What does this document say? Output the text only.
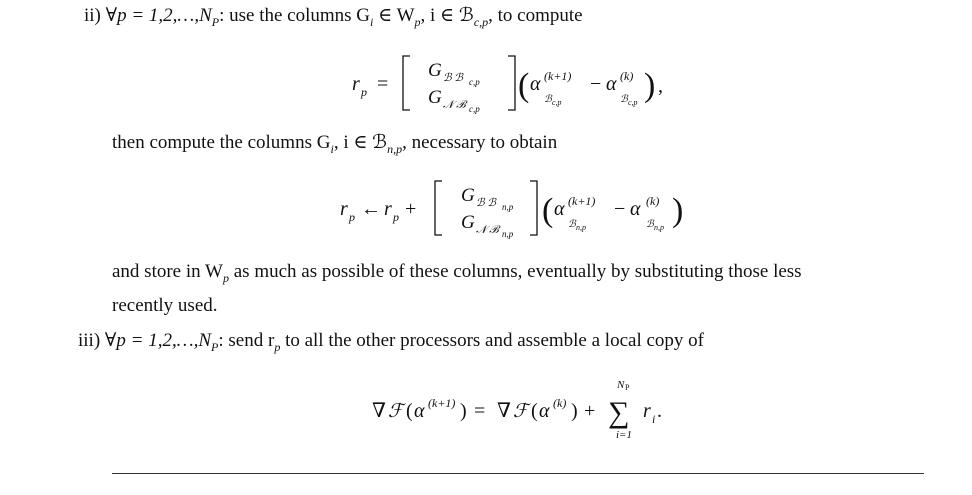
ii) ∀p = $1,2,\dots,N_P$: use the columns $G_i$ ∈ $W_p$, i ∈ ℬ$_{c,p}$, to compute
r p =
G ℬ ℬ c,p
G 𝒩 ℬ c,p
( α (k+1)
ℬ c,p
− α (k)
ℬ c,p ) ,
then compute the columns $G_i$, i ∈ ℬ$_{n,p}$, necessary to obtain
r p ← r p +
G ℬ ℬ n,p
G 𝒩 ℬ n,p
( α (k+1)
ℬ n,p
− α (k)
ℬ n,p )
and store in $W_p$ as much as possible of these columns, eventually by substituting those less
recently used.
iii) ∀p = $1,2,\dots,N_P$: send $r_p$ to all the other processors and assemble a local copy of
∇ ℱ ( α (k+1) ) = ∇ ℱ ( α (k) ) +
N P
∑
i=1
r i .
